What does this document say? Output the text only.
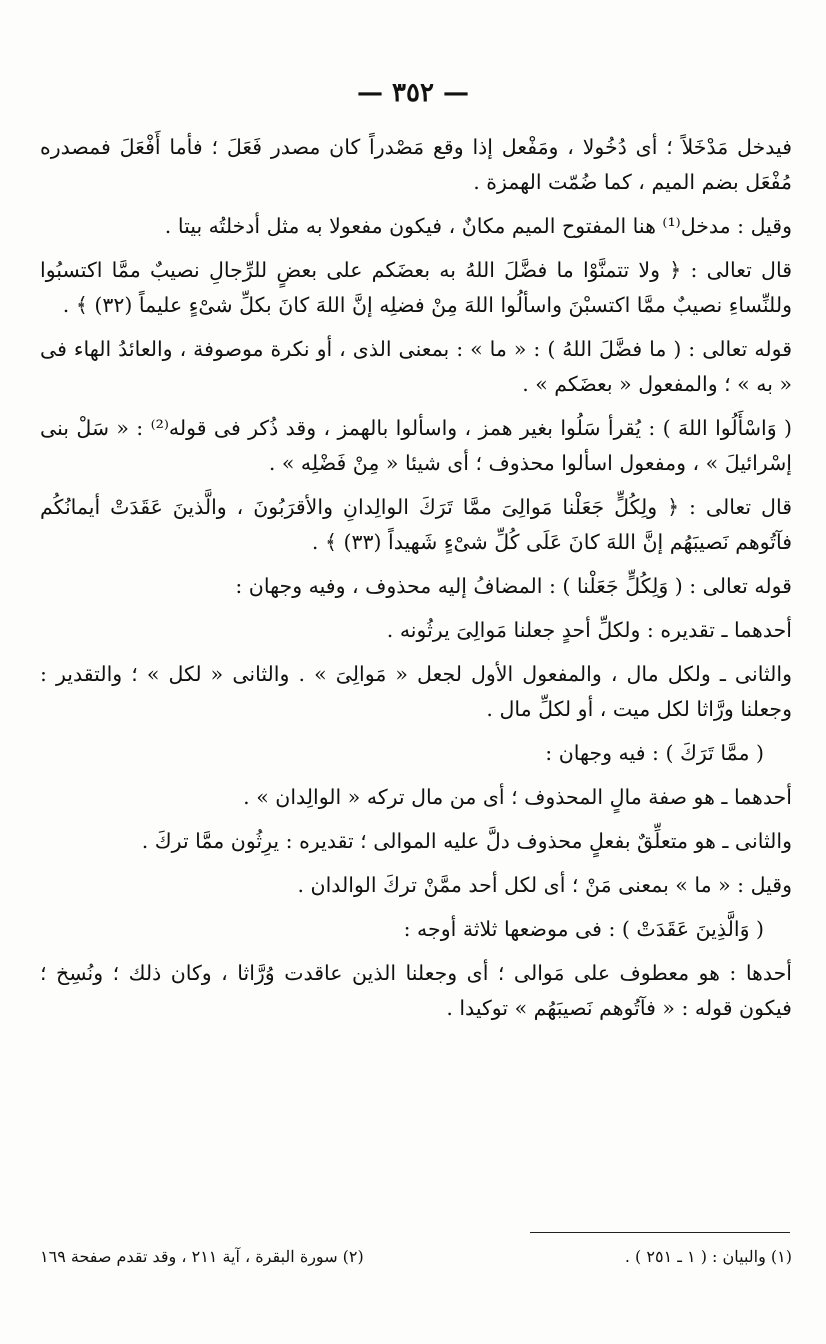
— ٣٥٢ —

فيدخل مَدْخَلاً ؛ أى دُخُولا ، ومَفْعل إذا وقع مَصْدراً كان مصدر فَعَلَ ؛ فأما أَفْعَلَ فمصدره مُفْعَل بضم الميم ، كما ضُمّت الهمزة .

وقيل : مدخل⁽¹⁾ هنا المفتوح الميم مكانٌ ، فيكون مفعولا به مثل أدخلتُه بيتا .

قال تعالى : ﴿ ولا تتمنَّوْا ما فضَّلَ اللهُ به بعضَكم على بعضٍ للرِّجالِ نصيبٌ ممَّا اكتسبُوا وللنِّساءِ نصيبٌ ممَّا اكتسبْنَ واسألُوا اللهَ مِنْ فضلِه إنَّ اللهَ كانَ بكلِّ شىْءٍ عليماً (٣٢) ﴾ .

قوله تعالى : ( ما فضَّلَ اللهُ ) : « ما » : بمعنى الذى ، أو نكرة موصوفة ، والعائدُ الهاء فى « به » ؛ والمفعول « بعضَكم » .

( وَاسْأَلُوا اللهَ ) : يُقرأ سَلُوا بغير همز ، واسألوا بالهمز ، وقد ذُكر فى قوله⁽²⁾ : « سَلْ بنى إسْرائيلَ » ، ومفعول اسألوا محذوف ؛ أى شيئا « مِنْ فَضْلِه » .

قال تعالى : ﴿ ولِكُلٍّ جَعَلْنا مَوالِىَ ممَّا تَرَكَ الوالِدانِ والأقرَبُونَ ، والَّذينَ عَقَدَتْ أيمانُكُم فآتُوهم نَصيبَهُم إنَّ اللهَ كانَ عَلَى كُلِّ شىْءٍ شَهيداً (٣٣) ﴾ .

قوله تعالى : ( وَلِكُلٍّ جَعَلْنا ) : المضافُ إليه محذوف ، وفيه وجهان :

أحدهما ـ تقديره : ولكلِّ أحدٍ جعلنا مَوالِىَ يرثُونه .

والثانى ـ ولكل مال ، والمفعول الأول لجعل « مَوالِىَ » . والثانى « لكل » ؛ والتقدير : وجعلنا ورَّاثا لكل ميت ، أو لكلِّ مال .

( ممَّا تَرَكَ ) : فيه وجهان :

أحدهما ـ هو صفة مالٍ المحذوف ؛ أى من مال تركه « الوالِدان » .

والثانى ـ هو متعلِّقٌ بفعلٍ محذوف دلَّ عليه الموالى ؛ تقديره : يرِثُون ممَّا تركَ .

وقيل : « ما » بمعنى مَنْ ؛ أى لكل أحد ممَّنْ تركَ الوالدان .

( وَالَّذِينَ عَقَدَتْ ) : فى موضعها ثلاثة أوجه :

أحدها : هو معطوف على مَوالى ؛ أى وجعلنا الذين عاقدت وُرَّاثا ، وكان ذلك ؛ ونُسِخ ؛ فيكون قوله : « فآتُوهم نَصيبَهُم » توكيدا .

(١) والبيان : ( ١ ـ ٢٥١ ) .
(٢) سورة البقرة ، آية ٢١١ ، وقد تقدم صفحة ١٦٩
